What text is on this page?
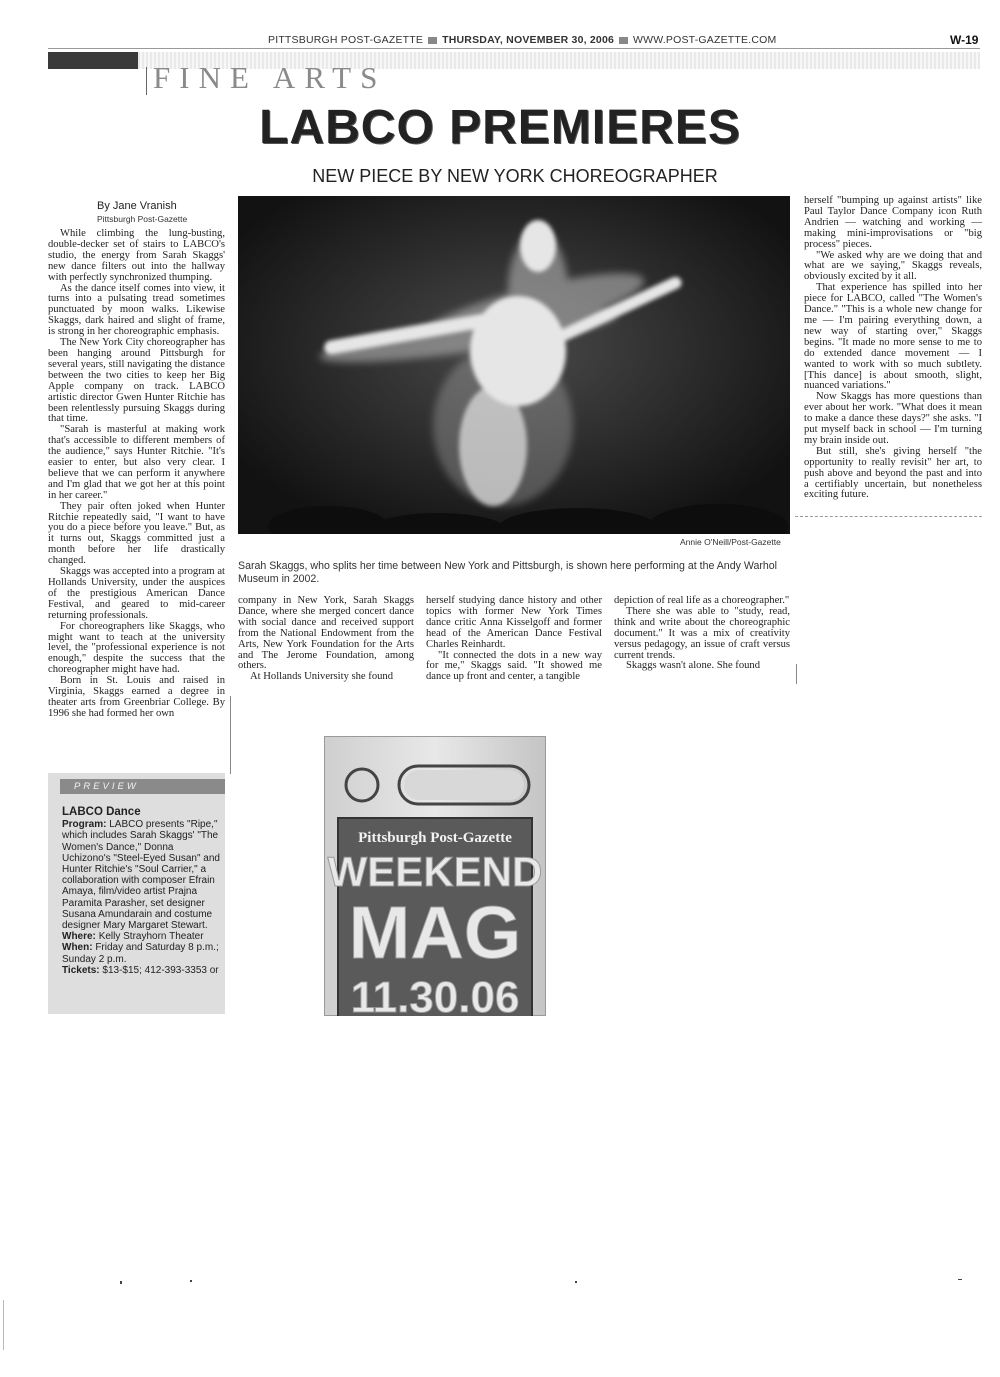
PITTSBURGH POST-GAZETTE THURSDAY, NOVEMBER 30, 2006 WWW.POST-GAZETTE.COM	W-19
FINE ARTS
LABCO PREMIERES
NEW PIECE BY NEW YORK CHOREOGRAPHER
By Jane Vranish
Pittsburgh Post-Gazette

While climbing the lung-busting, double-decker set of stairs to LABCO's studio, the energy from Sarah Skaggs' new dance filters out into the hallway with perfectly synchronized thumping.

As the dance itself comes into view, it turns into a pulsating tread sometimes punctuated by moon walks. Likewise Skaggs, dark haired and slight of frame, is strong in her choreographic emphasis.

The New York City choreographer has been hanging around Pittsburgh for several years, still navigating the distance between the two cities to keep her Big Apple company on track. LABCO artistic director Gwen Hunter Ritchie has been relentlessly pursuing Skaggs during that time.

"Sarah is masterful at making work that's accessible to different members of the audience," says Hunter Ritchie. "It's easier to enter, but also very clear. I believe that we can perform it anywhere and I'm glad that we got her at this point in her career."

They pair often joked when Hunter Ritchie repeatedly said, "I want to have you do a piece before you leave." But, as it turns out, Skaggs committed just a month before her life drastically changed.

Skaggs was accepted into a program at Hollands University, under the auspices of the prestigious American Dance Festival, and geared to mid-career returning professionals.

For choreographers like Skaggs, who might want to teach at the university level, the "professional experience is not enough," despite the success that the choreographer might have had.

Born in St. Louis and raised in Virginia, Skaggs earned a degree in theater arts from Greenbriar College. By 1996 she had formed her own

Annie O'Neill/Post-Gazette
Sarah Skaggs, who splits her time between New York and Pittsburgh, is shown here performing at the Andy Warhol Museum in 2002.

company in New York, Sarah Skaggs Dance, where she merged concert dance with social dance and received support from the National Endowment from the Arts, New York Foundation for the Arts and The Jerome Foundation, among others.

At Hollands University she found

herself studying dance history and other topics with former New York Times dance critic Anna Kisselgoff and former head of the American Dance Festival Charles Reinhardt.

"It connected the dots in a new way for me," Skaggs said. "It showed me dance up front and center, a tangible

depiction of real life as a choreographer."

There she was able to "study, read, think and write about the choreographic document." It was a mix of creativity versus pedagogy, an issue of craft versus current trends.

Skaggs wasn't alone. She found

herself "bumping up against artists" like Paul Taylor Dance Company icon Ruth Andrien — watching and working — making mini-improvisations or "big process" pieces.

"We asked why are we doing that and what are we saying," Skaggs reveals, obviously excited by it all.

That experience has spilled into her piece for LABCO, called "The Women's Dance." "This is a whole new change for me — I'm pairing everything down, a new way of starting over," Skaggs begins. "It made no more sense to me to do extended dance movement — I wanted to work with so much subtlety. [This dance] is about smooth, slight, nuanced variations."

Now Skaggs has more questions than ever about her work. "What does it mean to make a dance these days?" she asks. "I put myself back in school — I'm turning my brain inside out.

But still, she's giving herself "the opportunity to really revisit" her art, to push above and beyond the past and into a certifiably uncertain, but nonetheless exciting future.

PREVIEW
LABCO Dance
Program: LABCO presents "Ripe," which includes Sarah Skaggs' "The Women's Dance," Donna Uchizono's "Steel-Eyed Susan" and Hunter Ritchie's "Soul Carrier," a collaboration with composer Efrain Amaya, film/video artist Prajna Paramita Parasher, set designer Susana Amundarain and costume designer Mary Margaret Stewart.
Where: Kelly Strayhorn Theater
When: Friday and Saturday 8 p.m.; Sunday 2 p.m.
Tickets: $13-$15; 412-393-3353 or
Pittsburgh Post-Gazette
WEEKEND
MAG
11.30.06
